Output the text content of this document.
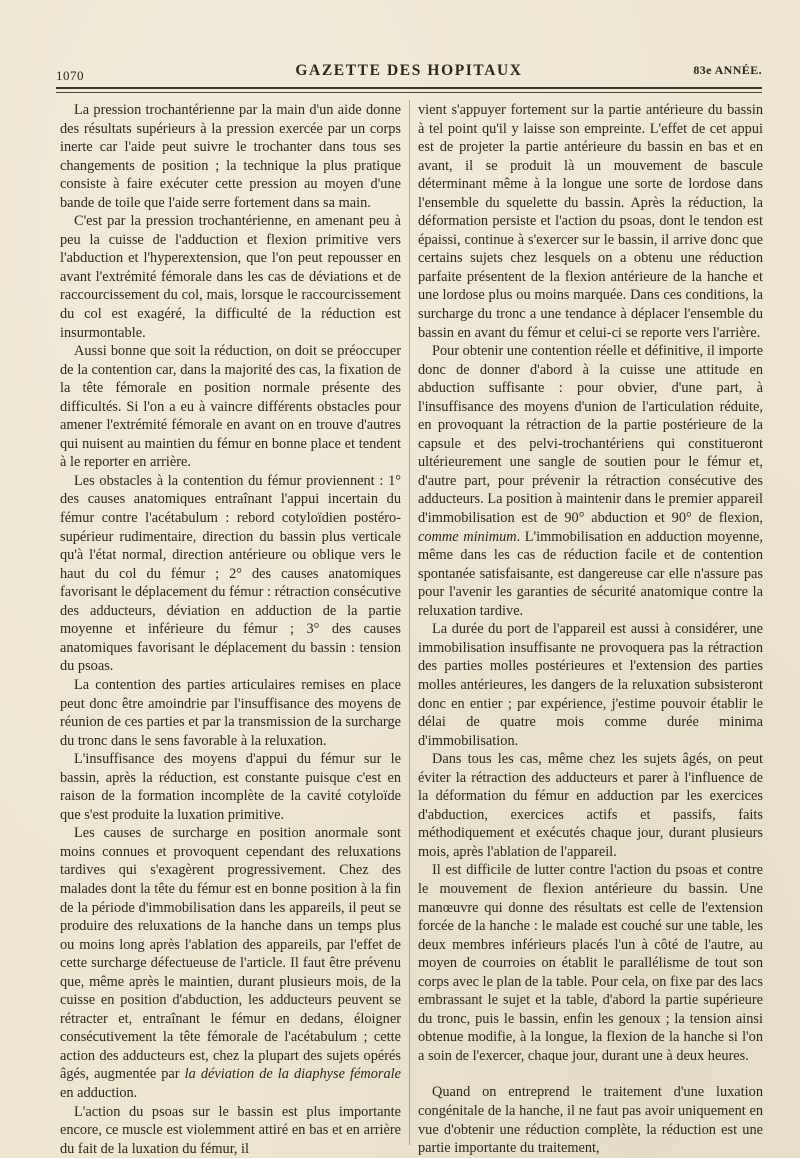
1070	GAZETTE DES HOPITAUX	83e ANNÉE.

La pression trochantérienne par la main d'un aide donne des résultats supérieurs à la pression exercée par un corps inerte car l'aide peut suivre le trochanter dans tous ses changements de position ; la technique la plus pratique consiste à faire exécuter cette pression au moyen d'une bande de toile que l'aide serre fortement dans sa main.

C'est par la pression trochantérienne, en amenant peu à peu la cuisse de l'adduction et flexion primitive vers l'abduction et l'hyperextension, que l'on peut repousser en avant l'extrémité fémorale dans les cas de déviations et de raccourcissement du col, mais, lorsque le raccourcissement du col est exagéré, la difficulté de la réduction est insurmontable.

Aussi bonne que soit la réduction, on doit se préoccuper de la contention car, dans la majorité des cas, la fixation de la tête fémorale en position normale présente des difficultés. Si l'on a eu à vaincre différents obstacles pour amener l'extrémité fémorale en avant on en trouve d'autres qui nuisent au maintien du fémur en bonne place et tendent à le reporter en arrière.

Les obstacles à la contention du fémur proviennent : 1° des causes anatomiques entraînant l'appui incertain du fémur contre l'acétabulum : rebord cotyloïdien postéro-supérieur rudimentaire, direction du bassin plus verticale qu'à l'état normal, direction antérieure ou oblique vers le haut du col du fémur ; 2° des causes anatomiques favorisant le déplacement du fémur : rétraction consécutive des adducteurs, déviation en adduction de la partie moyenne et inférieure du fémur ; 3° des causes anatomiques favorisant le déplacement du bassin : tension du psoas.

La contention des parties articulaires remises en place peut donc être amoindrie par l'insuffisance des moyens de réunion de ces parties et par la transmission de la surcharge du tronc dans le sens favorable à la reluxation.

L'insuffisance des moyens d'appui du fémur sur le bassin, après la réduction, est constante puisque c'est en raison de la formation incomplète de la cavité cotyloïde que s'est produite la luxation primitive.

Les causes de surcharge en position anormale sont moins connues et provoquent cependant des reluxations tardives qui s'exagèrent progressivement. Chez des malades dont la tête du fémur est en bonne position à la fin de la période d'immobilisation dans les appareils, il peut se produire des reluxations de la hanche dans un temps plus ou moins long après l'ablation des appareils, par l'effet de cette surcharge défectueuse de l'article. Il faut être prévenu que, même après le maintien, durant plusieurs mois, de la cuisse en position d'abduction, les adducteurs peuvent se rétracter et, entraînant le fémur en dedans, éloigner consécutivement la tête fémorale de l'acétabulum ; cette action des adducteurs est, chez la plupart des sujets opérés âgés, augmentée par la déviation de la diaphyse fémorale en adduction.

L'action du psoas sur le bassin est plus importante encore, ce muscle est violemment attiré en bas et en arrière du fait de la luxation du fémur, il

vient s'appuyer fortement sur la partie antérieure du bassin à tel point qu'il y laisse son empreinte. L'effet de cet appui est de projeter la partie antérieure du bassin en bas et en avant, il se produit là un mouvement de bascule déterminant même à la longue une sorte de lordose dans l'ensemble du squelette du bassin. Après la réduction, la déformation persiste et l'action du psoas, dont le tendon est épaissi, continue à s'exercer sur le bassin, il arrive donc que certains sujets chez lesquels on a obtenu une réduction parfaite présentent de la flexion antérieure de la hanche et une lordose plus ou moins marquée. Dans ces conditions, la surcharge du tronc a une tendance à déplacer l'ensemble du bassin en avant du fémur et celui-ci se reporte vers l'arrière.

Pour obtenir une contention réelle et définitive, il importe donc de donner d'abord à la cuisse une attitude en abduction suffisante : pour obvier, d'une part, à l'insuffisance des moyens d'union de l'articulation réduite, en provoquant la rétraction de la partie postérieure de la capsule et des pelvi-trochantériens qui constitueront ultérieurement une sangle de soutien pour le fémur et, d'autre part, pour prévenir la rétraction consécutive des adducteurs. La position à maintenir dans le premier appareil d'immobilisation est de 90° abduction et 90° de flexion, comme minimum. L'immobilisation en adduction moyenne, même dans les cas de réduction facile et de contention spontanée satisfaisante, est dangereuse car elle n'assure pas pour l'avenir les garanties de sécurité anatomique contre la reluxation tardive.

La durée du port de l'appareil est aussi à considérer, une immobilisation insuffisante ne provoquera pas la rétraction des parties molles postérieures et l'extension des parties molles antérieures, les dangers de la reluxation subsisteront donc en entier ; par expérience, j'estime pouvoir établir le délai de quatre mois comme durée minima d'immobilisation.

Dans tous les cas, même chez les sujets âgés, on peut éviter la rétraction des adducteurs et parer à l'influence de la déformation du fémur en adduction par les exercices d'abduction, exercices actifs et passifs, faits méthodiquement et exécutés chaque jour, durant plusieurs mois, après l'ablation de l'appareil.

Il est difficile de lutter contre l'action du psoas et contre le mouvement de flexion antérieure du bassin. Une manœuvre qui donne des résultats est celle de l'extension forcée de la hanche : le malade est couché sur une table, les deux membres inférieurs placés l'un à côté de l'autre, au moyen de courroies on établit le parallélisme de tout son corps avec le plan de la table. Pour cela, on fixe par des lacs embrassant le sujet et la table, d'abord la partie supérieure du tronc, puis le bassin, enfin les genoux ; la tension ainsi obtenue modifie, à la longue, la flexion de la hanche si l'on a soin de l'exercer, chaque jour, durant une à deux heures.

Quand on entreprend le traitement d'une luxation congénitale de la hanche, il ne faut pas avoir uniquement en vue d'obtenir une réduction complète, la réduction est une partie importante du traitement,
